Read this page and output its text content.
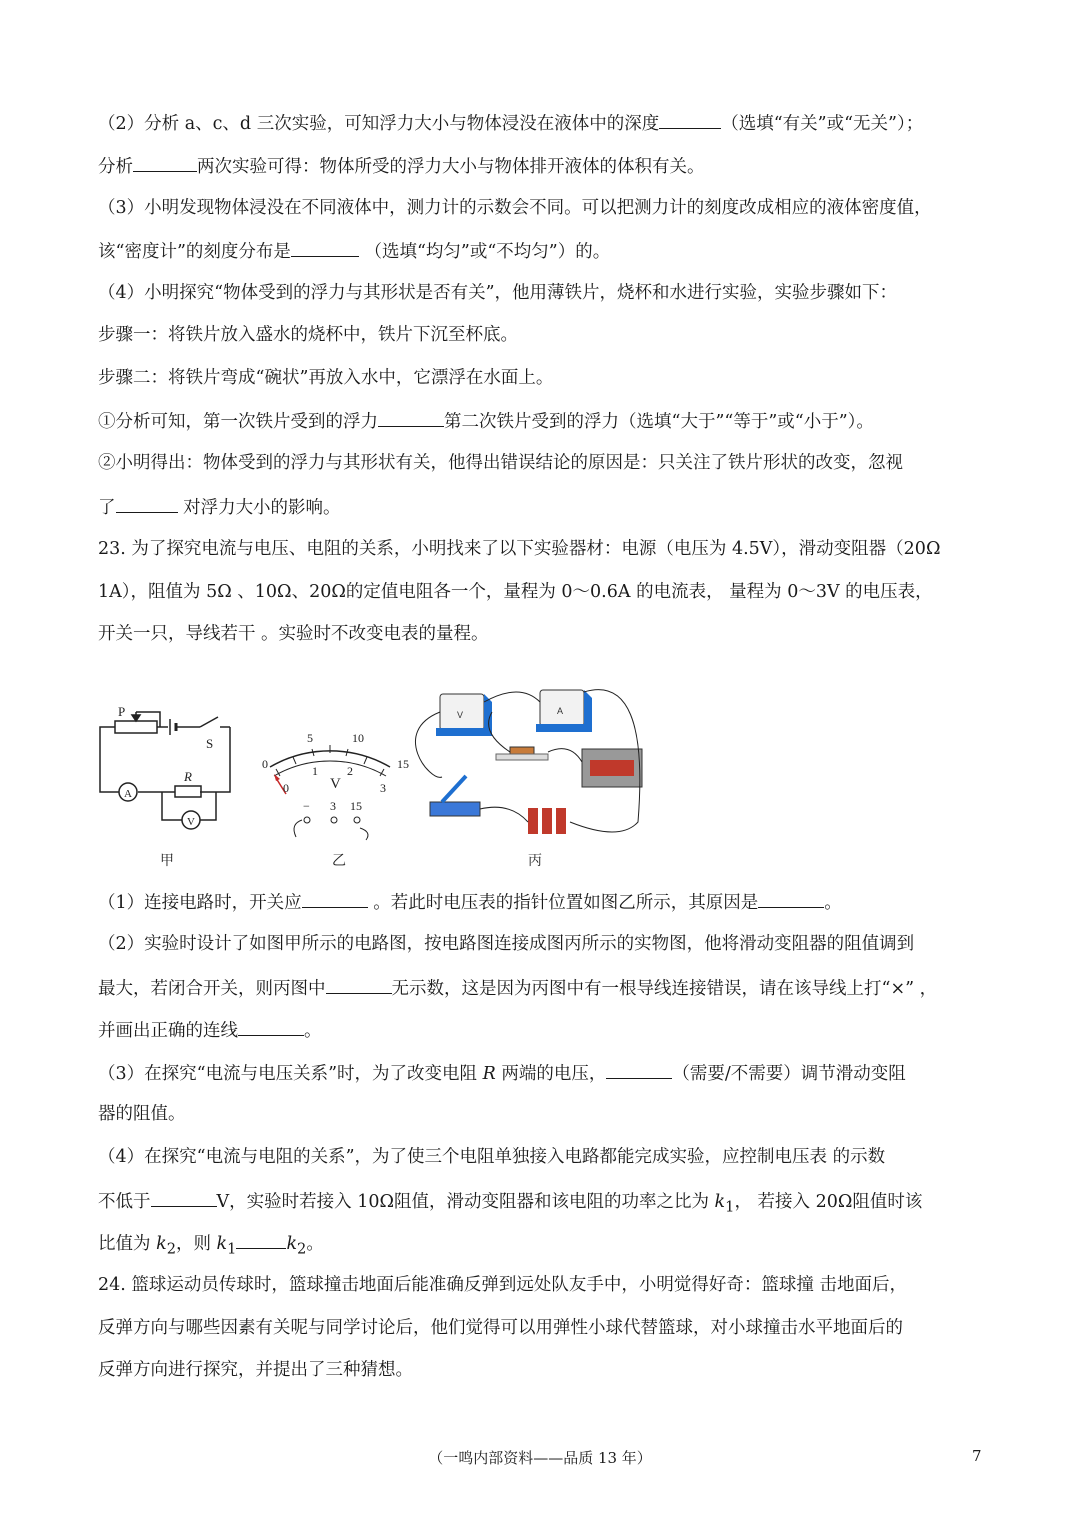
（2）分析 a、c、d 三次实验，可知浮力大小与物体浸没在液体中的深度	（选填“有关”或“无关”）；
分析	两次实验可得：物体所受的浮力大小与物体排开液体的体积有关。
（3）小明发现物体浸没在不同液体中，测力计的示数会不同。可以把测力计的刻度改成相应的液体密度值，
该“密度计”的刻度分布是	（选填“均匀”或“不均匀”）的。
（4）小明探究“物体受到的浮力与其形状是否有关”，他用薄铁片，烧杯和水进行实验，实验步骤如下：
步骤一：将铁片放入盛水的烧杯中，铁片下沉至杯底。
步骤二：将铁片弯成“碗状”再放入水中，它漂浮在水面上。
①分析可知，第一次铁片受到的浮力	第二次铁片受到的浮力（选填“大于”“等于”或“小于”）。
②小明得出：物体受到的浮力与其形状有关，他得出错误结论的原因是：只关注了铁片形状的改变，忽视
了	对浮力大小的影响。
23. 为了探究电流与电压、电阻的关系，小明找来了以下实验器材：电源（电压为 4.5V），滑动变阻器（20Ω
1A），阻值为 5Ω 、10Ω、20Ω的定值电阻各一个，量程为 0～0.6A 的电流表， 量程为 0～3V 的电压表，
开关一只，导线若干 。实验时不改变电表的量程。
P
S
R
A
V
甲
0
5	10
15
1 2
3
0	V
− 3 15
乙
V	A
丙
（1）连接电路时，开关应	。若此时电压表的指针位置如图乙所示，其原因是	。
（2）实验时设计了如图甲所示的电路图，按电路图连接成图丙所示的实物图，他将滑动变阻器的阻值调到
最大，若闭合开关，则丙图中	无示数，这是因为丙图中有一根导线连接错误，请在该导线上打“×” ，
并画出正确的连线	。
（3）在探究“电流与电压关系”时，为了改变电阻 R 两端的电压，	（需要/不需要）调节滑动变阻
器的阻值。
（4）在探究“电流与电阻的关系”，为了使三个电阻单独接入电路都能完成实验，应控制电压表 的示数
不低于	V，实验时若接入 10Ω阻值，滑动变阻器和该电阻的功率之比为 $k_1$， 若接入 20Ω阻值时该
比值为 $k_2$，则 $k_1$	$k_2$。
24. 篮球运动员传球时，篮球撞击地面后能准确反弹到远处队友手中，小明觉得好奇：篮球撞 击地面后，
反弹方向与哪些因素有关呢与同学讨论后，他们觉得可以用弹性小球代替篮球，对小球撞击水平地面后的
反弹方向进行探究，并提出了三种猜想。
（一鸣内部资料——品质 13 年）	7
